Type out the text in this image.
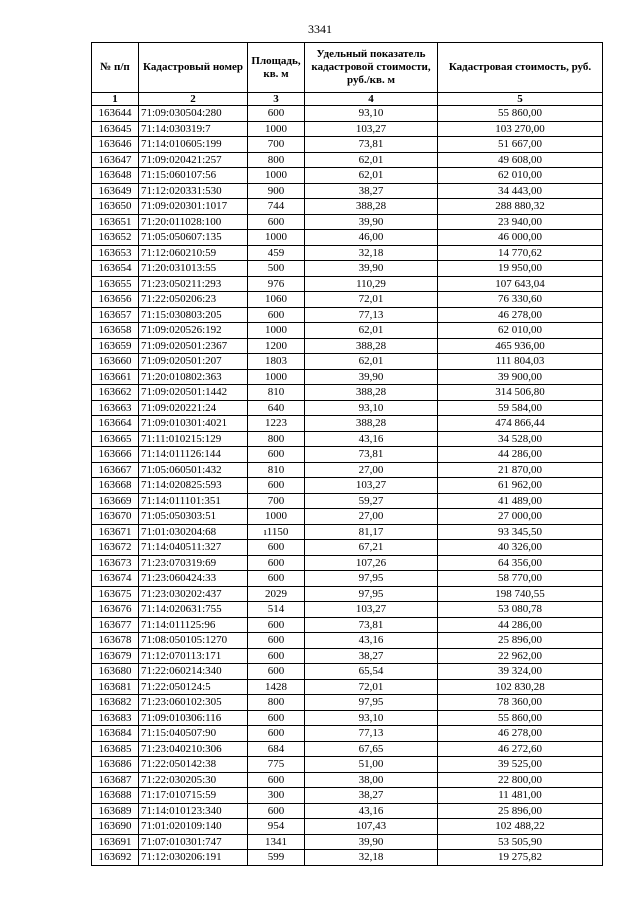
3341
№ п/п	Кадастровый номер	Площадь, кв. м	Удельный показатель кадастровой стоимости, руб./кв. м	Кадастровая стоимость, руб.
1	2	3	4	5
163644	71:09:030504:280	600	93,10	55 860,00
163645	71:14:030319:7	1000	103,27	103 270,00
163646	71:14:010605:199	700	73,81	51 667,00
163647	71:09:020421:257	800	62,01	49 608,00
163648	71:15:060107:56	1000	62,01	62 010,00
163649	71:12:020331:530	900	38,27	34 443,00
163650	71:09:020301:1017	744	388,28	288 880,32
163651	71:20:011028:100	600	39,90	23 940,00
163652	71:05:050607:135	1000	46,00	46 000,00
163653	71:12:060210:59	459	32,18	14 770,62
163654	71:20:031013:55	500	39,90	19 950,00
163655	71:23:050211:293	976	110,29	107 643,04
163656	71:22:050206:23	1060	72,01	76 330,60
163657	71:15:030803:205	600	77,13	46 278,00
163658	71:09:020526:192	1000	62,01	62 010,00
163659	71:09:020501:2367	1200	388,28	465 936,00
163660	71:09:020501:207	1803	62,01	111 804,03
163661	71:20:010802:363	1000	39,90	39 900,00
163662	71:09:020501:1442	810	388,28	314 506,80
163663	71:09:020221:24	640	93,10	59 584,00
163664	71:09:010301:4021	1223	388,28	474 866,44
163665	71:11:010215:129	800	43,16	34 528,00
163666	71:14:011126:144	600	73,81	44 286,00
163667	71:05:060501:432	810	27,00	21 870,00
163668	71:14:020825:593	600	103,27	61 962,00
163669	71:14:011101:351	700	59,27	41 489,00
163670	71:05:050303:51	1000	27,00	27 000,00
163671	71:01:030204:68	ı1150	81,17	93 345,50
163672	71:14:040511:327	600	67,21	40 326,00
163673	71:23:070319:69	600	107,26	64 356,00
163674	71:23:060424:33	600	97,95	58 770,00
163675	71:23:030202:437	2029	97,95	198 740,55
163676	71:14:020631:755	514	103,27	53 080,78
163677	71:14:011125:96	600	73,81	44 286,00
163678	71:08:050105:1270	600	43,16	25 896,00
163679	71:12:070113:171	600	38,27	22 962,00
163680	71:22:060214:340	600	65,54	39 324,00
163681	71:22:050124:5	1428	72,01	102 830,28
163682	71:23:060102:305	800	97,95	78 360,00
163683	71:09:010306:116	600	93,10	55 860,00
163684	71:15:040507:90	600	77,13	46 278,00
163685	71:23:040210:306	684	67,65	46 272,60
163686	71:22:050142:38	775	51,00	39 525,00
163687	71:22:030205:30	600	38,00	22 800,00
163688	71:17:010715:59	300	38,27	11 481,00
163689	71:14:010123:340	600	43,16	25 896,00
163690	71:01:020109:140	954	107,43	102 488,22
163691	71:07:010301:747	1341	39,90	53 505,90
163692	71:12:030206:191	599	32,18	19 275,82
